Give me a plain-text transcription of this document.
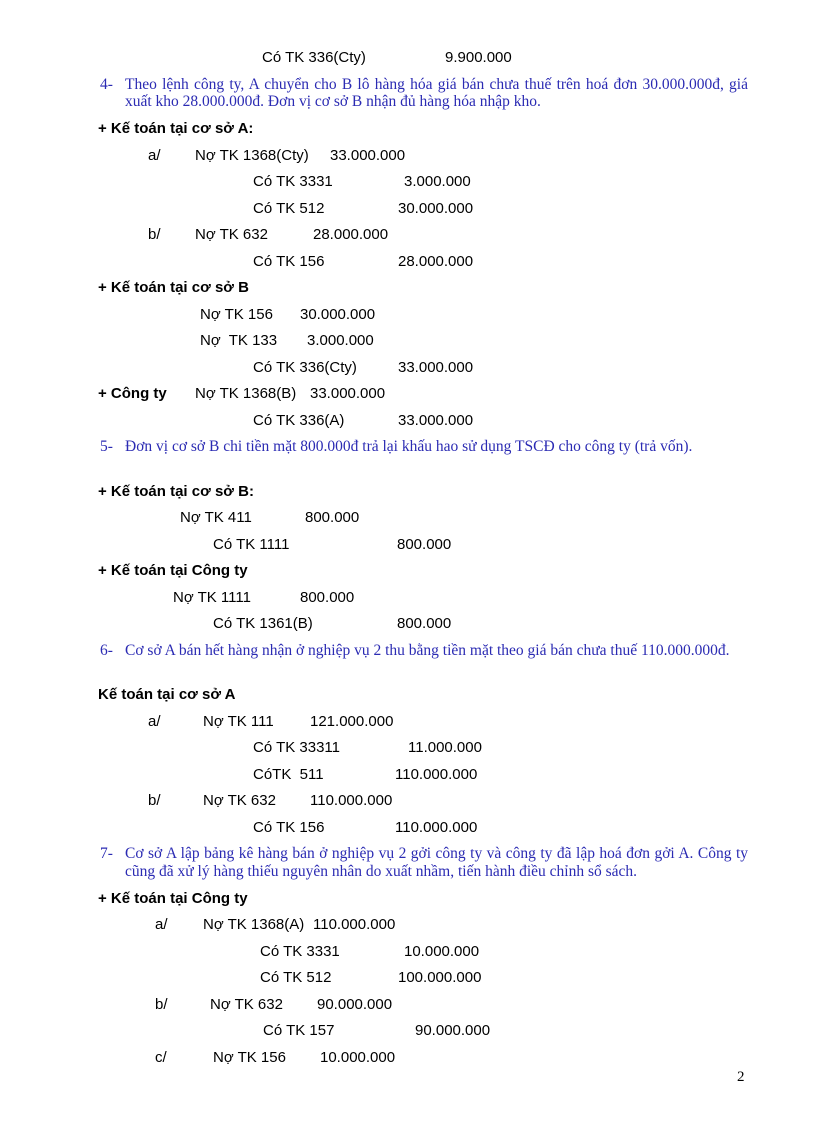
Có TK 336(Cty)	9.900.000
4- Theo lệnh công ty, A chuyển cho B lô hàng hóa giá bán chưa thuế trên hoá đơn 30.000.000đ, giá xuất kho 28.000.000đ. Đơn vị cơ sở B nhận đủ hàng hóa nhập kho.
+ Kế toán tại cơ sở A:
a/ Nợ TK 1368(Cty) 33.000.000
Có TK 3331	3.000.000
Có TK 512	30.000.000
b/ Nợ TK 632	28.000.000
Có TK 156	28.000.000
+ Kế toán tại cơ sở B
Nợ TK 156 30.000.000
Nợ  TK 133 3.000.000
Có TK 336(Cty)	33.000.000
+ Công ty Nợ TK 1368(B) 33.000.000
Có TK 336(A)	33.000.000
5- Đơn vị cơ sở B chi tiền mặt 800.000đ trả lại khấu hao sử dụng TSCĐ cho công ty (trả vốn).
+ Kế toán tại cơ sở B:
Nợ TK 411	800.000
Có TK 1111	800.000
+ Kế toán tại Công ty
Nợ TK 1111	800.000
Có TK 1361(B)	800.000
6- Cơ sở A bán hết hàng nhận ở nghiệp vụ 2 thu bằng tiền mặt theo giá bán chưa thuế 110.000.000đ.
Kế toán tại cơ sở A
a/	Nợ TK 111 121.000.000
Có TK 33311	11.000.000
CóTK  511	110.000.000
b/	Nợ TK 632 110.000.000
Có TK 156	110.000.000
7- Cơ sở A lập bảng kê hàng bán ở nghiệp vụ 2 gởi công ty và công ty đã lập hoá đơn gởi A. Công ty cũng đã xử lý hàng thiếu nguyên nhân do xuất nhầm, tiến hành điều chỉnh sổ sách.
+ Kế toán tại Công ty
a/ Nợ TK 1368(A) 110.000.000
Có TK 3331	10.000.000
Có TK 512	100.000.000
b/	Nợ TK 632 90.000.000
Có TK 157	90.000.000
c/	Nợ TK 156 10.000.000
2
